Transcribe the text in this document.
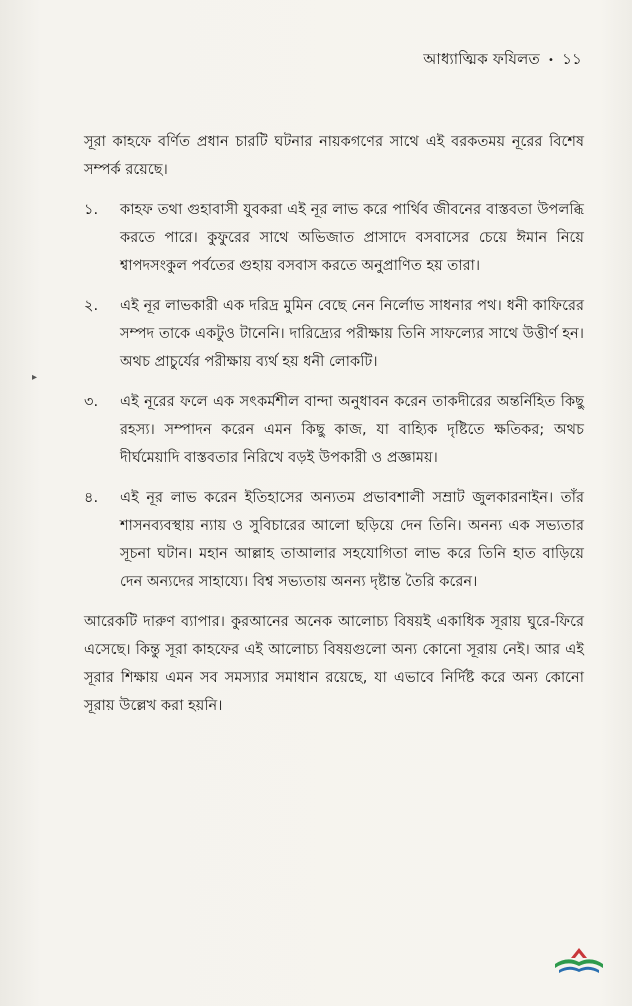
আধ্যাত্মিক ফযিলত • ১১
▸

সূরা কাহফে বর্ণিত প্রধান চারটি ঘটনার নায়কগণের সাথে এই বরকতময় নূরের বিশেষ সম্পর্ক রয়েছে।

১.	কাহফ তথা গুহাবাসী যুবকরা এই নূর লাভ করে পার্থিব জীবনের বাস্তবতা উপলব্ধি করতে পারে। কুফুরের সাথে অভিজাত প্রাসাদে বসবাসের চেয়ে ঈমান নিয়ে শ্বাপদসংকুল পর্বতের গুহায় বসবাস করতে অনুপ্রাণিত হয় তারা।
২.	এই নূর লাভকারী এক দরিদ্র মুমিন বেছে নেন নির্লোভ সাধনার পথ। ধনী কাফিরের সম্পদ তাকে একটুও টানেনি। দারিদ্র্যের পরীক্ষায় তিনি সাফল্যের সাথে উত্তীর্ণ হন। অথচ প্রাচুর্যের পরীক্ষায় ব্যর্থ হয় ধনী লোকটি।
৩.	এই নূরের ফলে এক সৎকর্মশীল বান্দা অনুধাবন করেন তাকদীরের অন্তর্নিহিত কিছু রহস্য। সম্পাদন করেন এমন কিছু কাজ, যা বাহ্যিক দৃষ্টিতে ক্ষতিকর; অথচ দীর্ঘমেয়াদি বাস্তবতার নিরিখে বড়ই উপকারী ও প্রজ্ঞাময়।
৪.	এই নূর লাভ করেন ইতিহাসের অন্যতম প্রভাবশালী সম্রাট জুলকারনাইন। তাঁর শাসনব্যবস্থায় ন্যায় ও সুবিচারের আলো ছড়িয়ে দেন তিনি। অনন্য এক সভ্যতার সূচনা ঘটান। মহান আল্লাহ তাআলার সহযোগিতা লাভ করে তিনি হাত বাড়িয়ে দেন অন্যদের সাহায্যে। বিশ্ব সভ্যতায় অনন্য দৃষ্টান্ত তৈরি করেন।

আরেকটি দারুণ ব্যাপার। কুরআনের অনেক আলোচ্য বিষয়ই একাধিক সূরায় ঘুরে-ফিরে এসেছে। কিন্তু সূরা কাহফের এই আলোচ্য বিষয়গুলো অন্য কোনো সূরায় নেই। আর এই সূরার শিক্ষায় এমন সব সমস্যার সমাধান রয়েছে, যা এভাবে নির্দিষ্ট করে অন্য কোনো সূরায় উল্লেখ করা হয়নি।
